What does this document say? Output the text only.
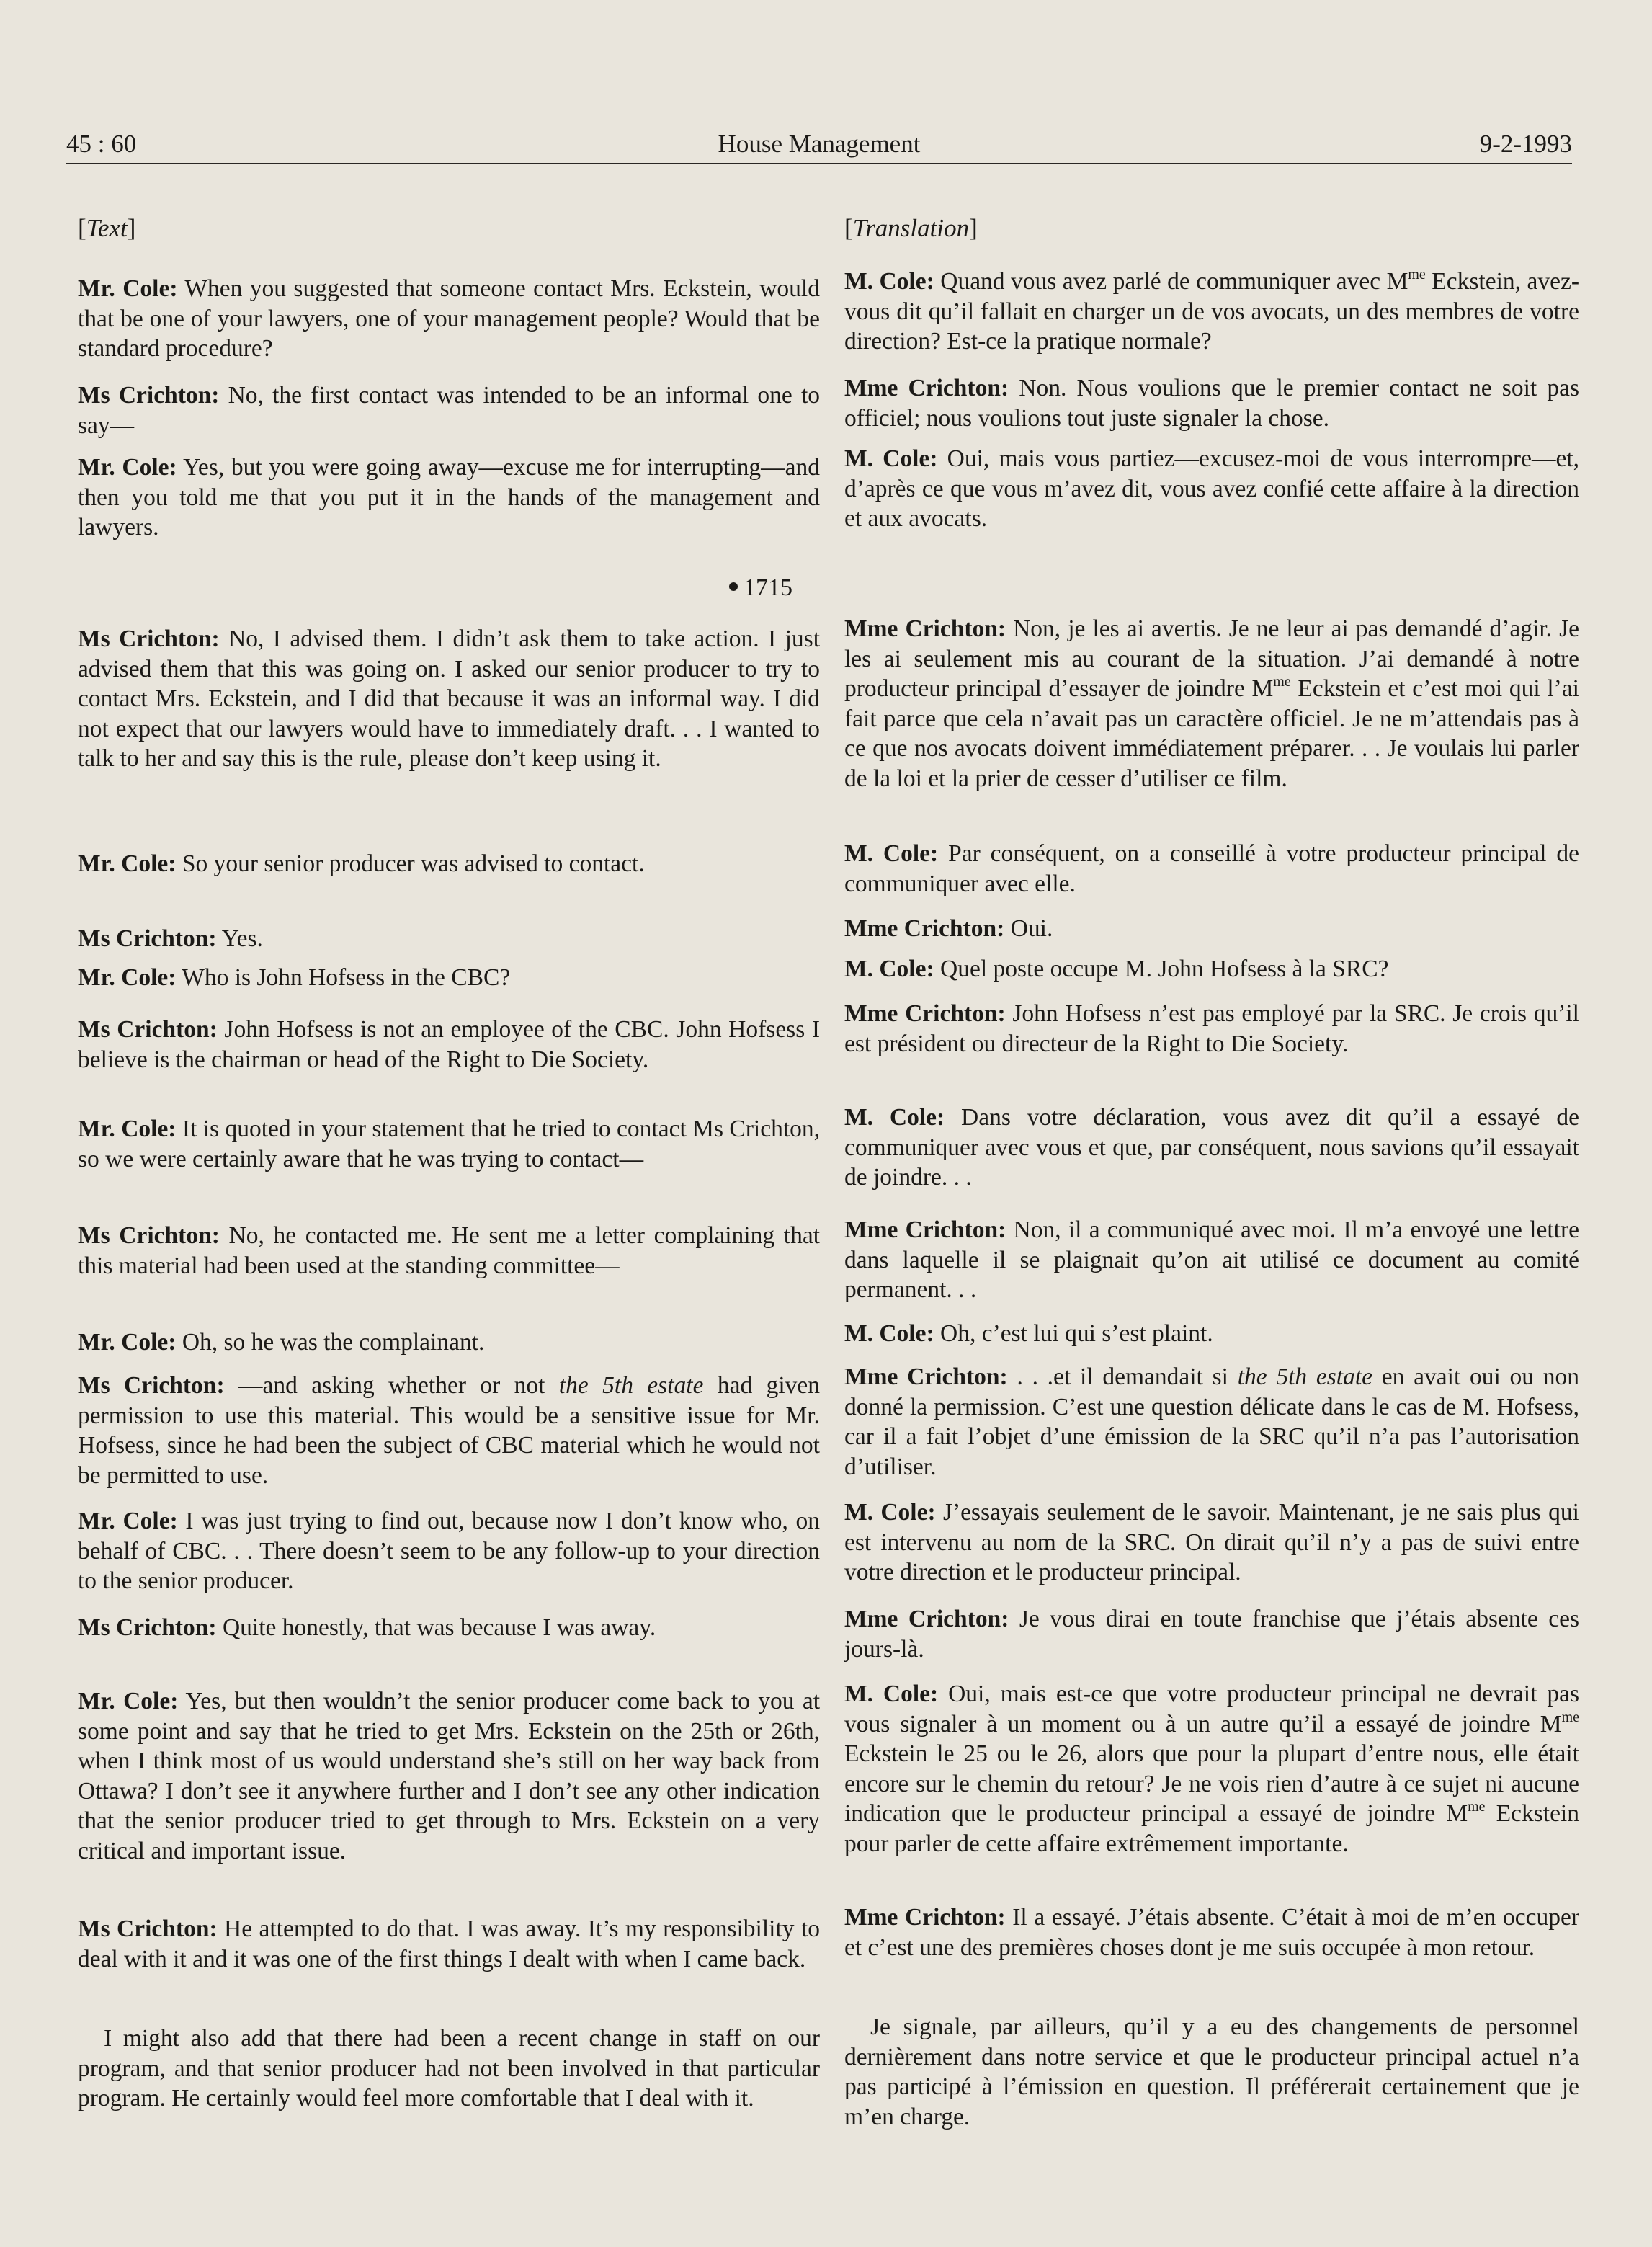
45 : 60	House Management	9-2-1993
[Text]

Mr. Cole: When you suggested that someone contact Mrs. Eckstein, would that be one of your lawyers, one of your management people? Would that be standard procedure?

Ms Crichton: No, the first contact was intended to be an informal one to say—

Mr. Cole: Yes, but you were going away—excuse me for interrupting—and then you told me that you put it in the hands of the management and lawyers.

1715

Ms Crichton: No, I advised them. I didn’t ask them to take action. I just advised them that this was going on. I asked our senior producer to try to contact Mrs. Eckstein, and I did that because it was an informal way. I did not expect that our lawyers would have to immediately draft. . . I wanted to talk to her and say this is the rule, please don’t keep using it.

Mr. Cole: So your senior producer was advised to contact.

Ms Crichton: Yes.

Mr. Cole: Who is John Hofsess in the CBC?

Ms Crichton: John Hofsess is not an employee of the CBC. John Hofsess I believe is the chairman or head of the Right to Die Society.

Mr. Cole: It is quoted in your statement that he tried to contact Ms Crichton, so we were certainly aware that he was trying to contact—

Ms Crichton: No, he contacted me. He sent me a letter complaining that this material had been used at the standing committee—

Mr. Cole: Oh, so he was the complainant.

Ms Crichton: —and asking whether or not the 5th estate had given permission to use this material. This would be a sensitive issue for Mr. Hofsess, since he had been the subject of CBC material which he would not be permitted to use.

Mr. Cole: I was just trying to find out, because now I don’t know who, on behalf of CBC. . . There doesn’t seem to be any follow-up to your direction to the senior producer.

Ms Crichton: Quite honestly, that was because I was away.

Mr. Cole: Yes, but then wouldn’t the senior producer come back to you at some point and say that he tried to get Mrs. Eckstein on the 25th or 26th, when I think most of us would understand she’s still on her way back from Ottawa? I don’t see it anywhere further and I don’t see any other indication that the senior producer tried to get through to Mrs. Eckstein on a very critical and important issue.

Ms Crichton: He attempted to do that. I was away. It’s my responsibility to deal with it and it was one of the first things I dealt with when I came back.

I might also add that there had been a recent change in staff on our program, and that senior producer had not been involved in that particular program. He certainly would feel more comfortable that I deal with it.

[Translation]

M. Cole: Quand vous avez parlé de communiquer avec $M^{me}$ Eckstein, avez-vous dit qu’il fallait en charger un de vos avocats, un des membres de votre direction? Est-ce la pratique normale?

Mme Crichton: Non. Nous voulions que le premier contact ne soit pas officiel; nous voulions tout juste signaler la chose.

M. Cole: Oui, mais vous partiez—excusez-moi de vous interrompre—et, d’après ce que vous m’avez dit, vous avez confié cette affaire à la direction et aux avocats.

Mme Crichton: Non, je les ai avertis. Je ne leur ai pas demandé d’agir. Je les ai seulement mis au courant de la situation. J’ai demandé à notre producteur principal d’essayer de joindre $M^{me}$ Eckstein et c’est moi qui l’ai fait parce que cela n’avait pas un caractère officiel. Je ne m’attendais pas à ce que nos avocats doivent immédiatement préparer. . . Je voulais lui parler de la loi et la prier de cesser d’utiliser ce film.

M. Cole: Par conséquent, on a conseillé à votre producteur principal de communiquer avec elle.

Mme Crichton: Oui.

M. Cole: Quel poste occupe M. John Hofsess à la SRC?

Mme Crichton: John Hofsess n’est pas employé par la SRC. Je crois qu’il est président ou directeur de la Right to Die Society.

M. Cole: Dans votre déclaration, vous avez dit qu’il a essayé de communiquer avec vous et que, par conséquent, nous savions qu’il essayait de joindre. . .

Mme Crichton: Non, il a communiqué avec moi. Il m’a envoyé une lettre dans laquelle il se plaignait qu’on ait utilisé ce document au comité permanent. . .

M. Cole: Oh, c’est lui qui s’est plaint.

Mme Crichton: . . .et il demandait si the 5th estate en avait oui ou non donné la permission. C’est une question délicate dans le cas de M. Hofsess, car il a fait l’objet d’une émission de la SRC qu’il n’a pas l’autorisation d’utiliser.

M. Cole: J’essayais seulement de le savoir. Maintenant, je ne sais plus qui est intervenu au nom de la SRC. On dirait qu’il n’y a pas de suivi entre votre direction et le producteur principal.

Mme Crichton: Je vous dirai en toute franchise que j’étais absente ces jours-là.

M. Cole: Oui, mais est-ce que votre producteur principal ne devrait pas vous signaler à un moment ou à un autre qu’il a essayé de joindre $M^{me}$ Eckstein le 25 ou le 26, alors que pour la plupart d’entre nous, elle était encore sur le chemin du retour? Je ne vois rien d’autre à ce sujet ni aucune indication que le producteur principal a essayé de joindre $M^{me}$ Eckstein pour parler de cette affaire extrêmement importante.

Mme Crichton: Il a essayé. J’étais absente. C’était à moi de m’en occuper et c’est une des premières choses dont je me suis occupée à mon retour.

Je signale, par ailleurs, qu’il y a eu des changements de personnel dernièrement dans notre service et que le producteur principal actuel n’a pas participé à l’émission en question. Il préférerait certainement que je m’en charge.
